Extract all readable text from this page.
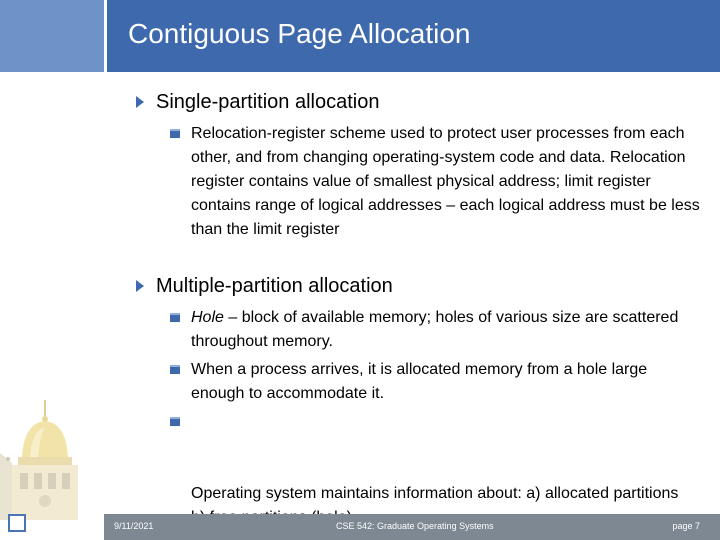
Contiguous Page Allocation
Single-partition allocation
Relocation-register scheme used to protect user processes from each other, and from changing operating-system code and data. Relocation register contains value of smallest physical address; limit register contains range of logical addresses – each logical address must be less than the limit register
Multiple-partition allocation
Hole – block of available memory; holes of various size are scattered throughout memory.
When a process arrives, it is allocated memory from a hole large enough to accommodate it.

Operating system maintains information about: a) allocated partitions

9/11/2021	CSE 542: Graduate Operating Systems	page 7
